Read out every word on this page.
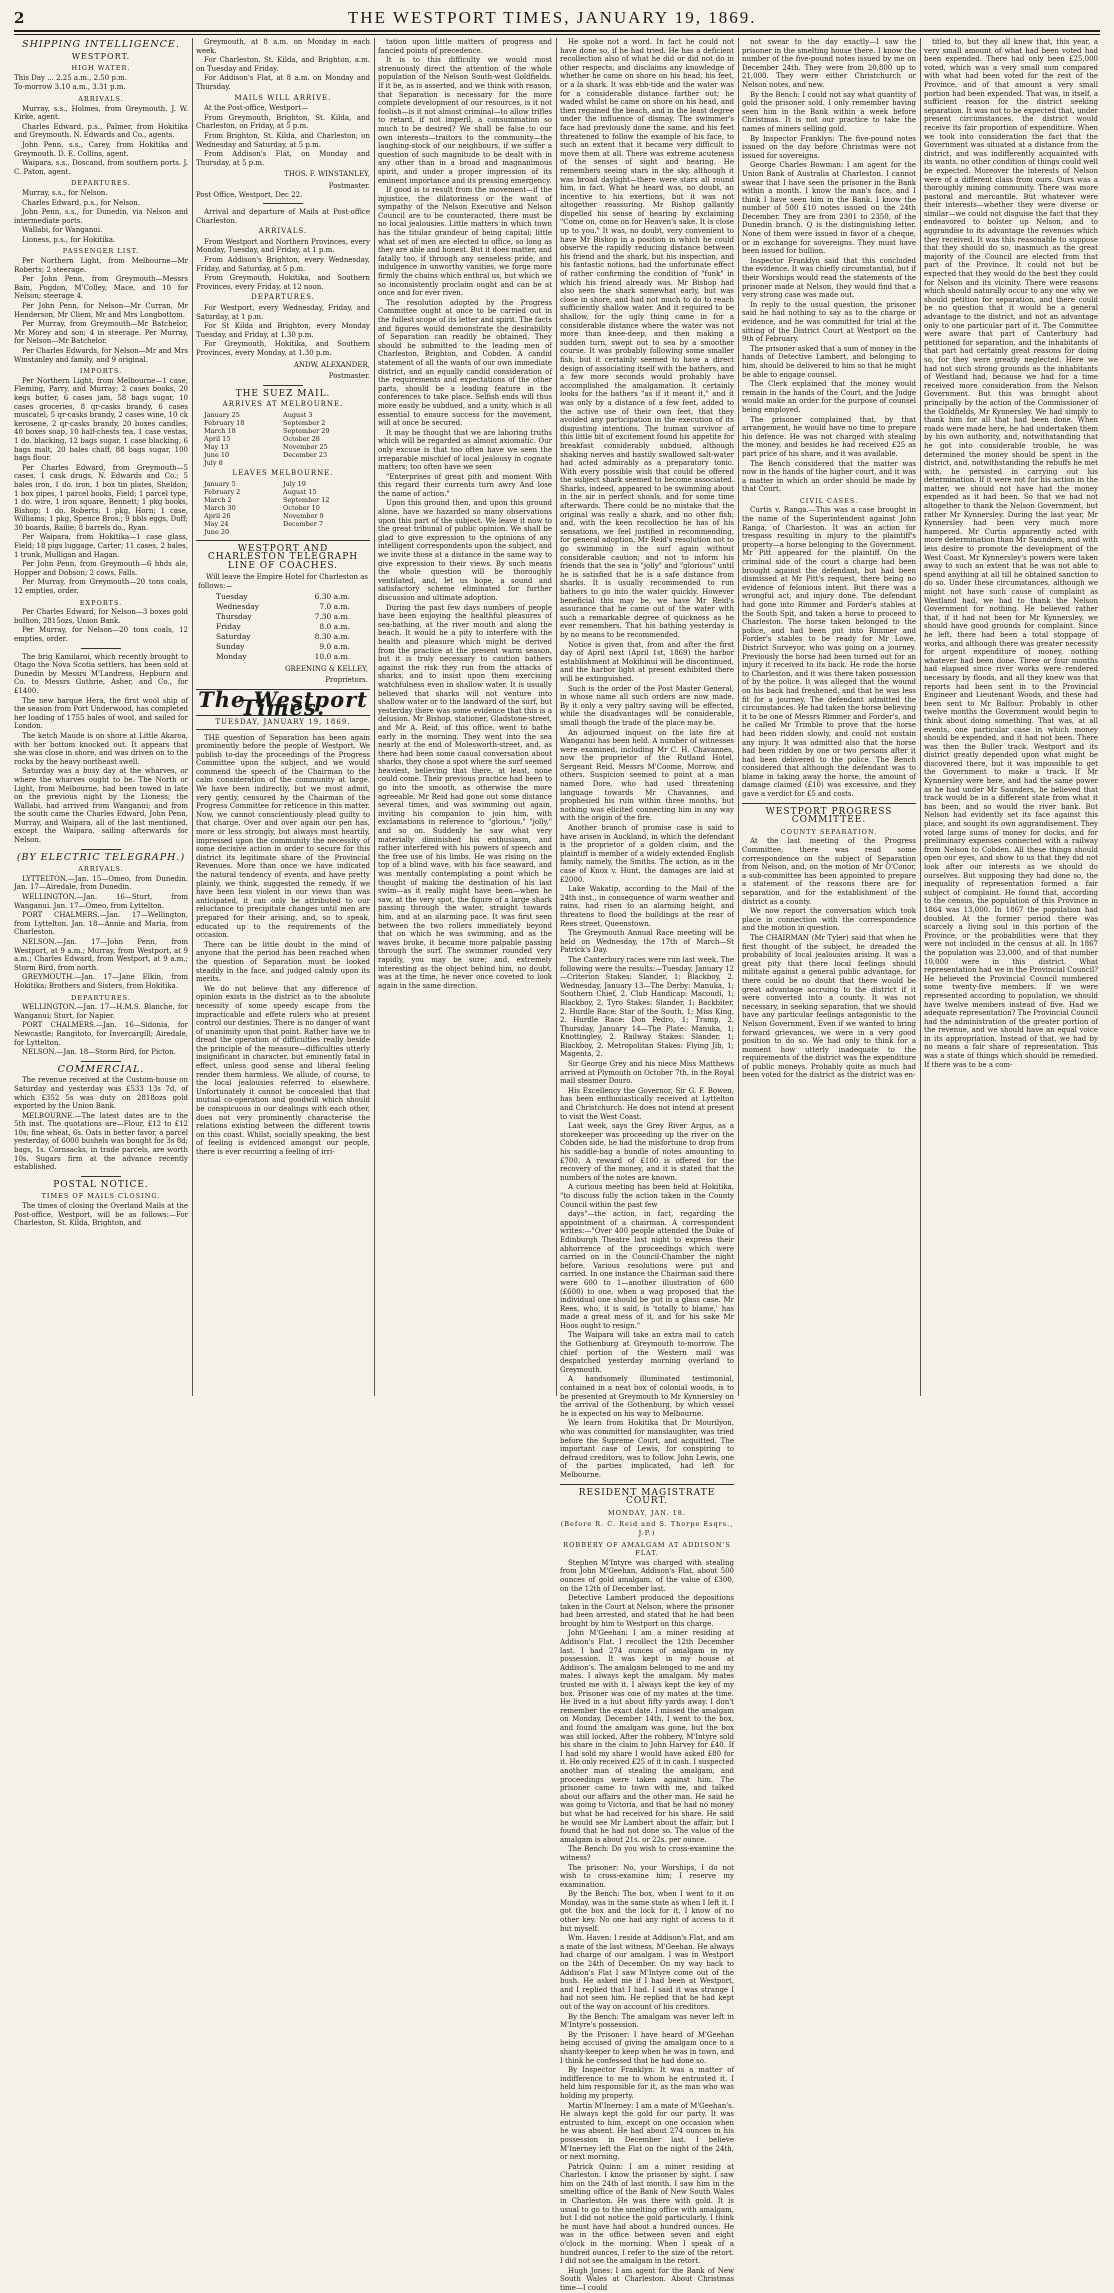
2	THE WESTPORT TIMES, JANUARY 19, 1869.
SHIPPING INTELLIGENCE.
WESTPORT.
HIGH WATER.

This Day ... 2.25 a.m., 2.50 p.m.

To-morrow 3.10 a.m., 3.31 p.m.

ARRIVALS.

Murray, s.s., Holmes, from Greymouth. J. W. Kirke, agent.

Charles Edward, p.s., Palmer, from Hokitika and Greymouth. N. Edwards and Co., agents.

John Penn, s.s., Carey, from Hokitika and Greymouth. D. E. Collins, agent.

Waipara, s.s., Doscand, from southern ports. J. C. Paton, agent.

DEPARTURES.

Murray, s.s., for Nelson.

Charles Edward, p.s., for Nelson.

John Penn, s.s., for Dunedin, via Nelson and intermediate ports.

Wallabi, for Wanganui.

Lioness, p.s., for Hokitika.

PASSENGER LIST.

Per Northern Light, from Melbourne—Mr Roberts; 2 steerage.

Per John Penn, from Greymouth—Messrs Bain, Pogdon, M'Colley, Mace, and 10 for Nelson; steerage 4.

Per John Penn, for Nelson—Mr Curran, Mr Henderson, Mr Cliem, Mr and Mrs Longbottom.

Per Murray, from Greymouth—Mr Batchelor, Mr Morey and son; 4 in steerage. Per Murray, for Nelson—Mr Batchelor.

Per Charles Edwards, for Nelson—Mr and Mrs Winstanley and family, and 9 original.

IMPORTS.

Per Northern Light, from Melbourne—1 case, Fleming, Parry, and Murray; 2 cases books, 20 kegs butter, 6 cases jam, 58 bags sugar, 10 cases groceries, 8 qr-casks brandy, 6 cases muscatel, 5 qr-casks brandy, 2 cases wine, 10 ck kerosene, 2 qr-casks brandy, 20 boxes candles, 40 boxes soap, 10 half-chests tea, 1 case vestas, 1 do. blacking, 12 bags sugar, 1 case blacking, 6 bags malt, 20 bales chaff, 88 bags sugar, 100 bags flour.

Per Charles Edward, from Greymouth—5 cases, 1 cask drugs, N. Edwards and Co.; 5 bales iron, 1 do. iron, 1 box tin plates, Sheldon; 1 box pipes, 1 parcel books, Field; 1 parcel type, 1 do. wire, 1 iron square, Bennett; 1 pkg books, Bishop; 1 do. Roberts; 1 pkg, Horn; 1 case, Williams; 1 pkg, Spence Bros.; 9 bbls eggs, Duff; 30 boards, Bailie; 8 barrels do., Ryan.

Per Waipara, from Hokitika—1 case glass, Field; 18 pigs luggage, Carter; 11 cases, 2 bales, 1 trunk, Mulligan and Hagan.

Per John Penn, from Greymouth—6 hhds ale, Hopper and Dobson; 2 cows, Falls.

Per Murray, from Greymouth—20 tons coals, 12 empties, order.

EXPORTS.

Per Charles Edward, for Nelson—3 boxes gold bullion, 2815ozs, Union Bank.

Per Murray, for Nelson—20 tons coals, 12 empties, order.

The brig Kamilaroi, which recently brought to Otago the Nova Scotia settlers, has been sold at Dunedin by Messrs M'Landress, Hepburn and Co. to Messrs Guthrie, Asher, and Co., for £1400.

The new barque Hera, the first wool ship of the season from Port Underwood, has completed her loading of 1755 bales of wool, and sailed for London.

The ketch Maude is on shore at Little Akaroa, with her bottom knocked out. It appears that she was close in shore, and was driven on to the rocks by the heavy northeast swell.

Saturday was a busy day at the wharves, or where the wharves ought to be. The North or Light, from Melbourne, had been towed in late on the previous night by the Lioness; the Wallabi, had arrived from Wanganui; and from the south came the Charles Edward, John Penn, Murray, and Waipara, all of the last mentioned, except the Waipara, sailing afterwards for Nelson.

(BY ELECTRIC TELEGRAPH.)
ARRIVALS.

LYTTELTON.—Jan. 15—Omeo, from Dunedin. Jan. 17—Airedale, from Dunedin.

WELLINGTON.—Jan. 16—Sturt, from Wanganui. Jan. 17—Omeo, from Lyttelton.

PORT CHALMERS.—Jan. 17—Wellington, from Lyttelton. Jan. 18—Annie and Maria, from Charleston.

NELSON.—Jan. 17—John Penn, from Westport, at 9 a.m.; Murray, from Westport, at 9 a.m.; Charles Edward, from Westport, at 9 a.m.; Storm Bird, from north.

GREYMOUTH.—Jan. 17—Jane Elkin, from Hokitika; Brothers and Sisters, from Hokitika.

DEPARTURES.

WELLINGTON.—Jan. 17—H.M.S. Blanche, for Wanganui; Sturt, for Napier.

PORT CHALMERS.—Jan. 16—Sidonia, for Newcastle; Rangitoto, for Invercargill; Airedale, for Lyttelton.

NELSON.—Jan. 18—Storm Bird, for Picton.

COMMERCIAL.

The revenue received at the Custom-house on Saturday and yesterday was £533 13s 7d, of which £352 5s was duty on 2818ozs gold exported by the Union Bank.

MELBOURNE.—The latest dates are to the 5th inst. The quotations are—Flour, £12 to £12 10s; fine wheat, 6s. Oats in better favor, a parcel yesterday, of 6000 bushels was bought for 3s 8d; bags, 1s. Cornsacks, in trade parcels, are worth 10s. Sugars firm at the advance recently established.

POSTAL NOTICE.
TIMES OF MAILS CLOSING.

The times of closing the Overland Mails at the Post-office, Westport, will be as follows:—For Charleston, St. Kilda, Brighton, and

Greymouth, at 8 a.m. on Monday in each week.

For Charleston, St. Kilda, and Brighton, a.m. on Tuesday and Friday.

For Addison's Flat, at 8 a.m. on Monday and Thursday.

MAILS WILL ARRIVE.

At the Post-office, Westport—

From Greymouth, Brighton, St. Kilda, and Charleston, on Friday, at 5 p.m.

From Brighton, St. Kilda, and Charleston, on Wednesday and Saturday, at 5 p.m.

From Addison's Flat, on Monday and Thursday, at 5 p.m.

THOS. F. WINSTANLEY,
Postmaster.

Post Office, Westport, Dec 22.

Arrival and departure of Mails at Post-office Charleston.

ARRIVALS.

From Westport and Northern Provinces, every Monday, Tuesday, and Friday, at 1 p.m.

From Addison's Brighton, every Wednesday, Friday, and Saturday, at 5 p.m.

From Greymouth, Hokitika, and Southern Provinces, every Friday, at 12 noon.

DEPARTURES.

For Westport, every Wednesday, Friday, and Saturday, at 1 p.m.

For St Kilda and Brighton, every Monday Tuesday, and Friday, at 1.30 p.m.

For Greymouth, Hokitika, and Southern Provinces, every Monday, at 1.30 p.m.

ANDW. ALEXANDER,
Postmaster.
THE SUEZ MAIL.
ARRIVES AT MELBOURNE.
January 25	August 3
February 18	September 2
March 18	September 29
April 15	October 28
May 13	November 25
June 10	December 23
July 8
LEAVES MELBOURNE.
January 5	July 19
February 2	August 15
March 2	September 12
March 30	October 10
April 26	November 9
May 24	December 7
June 20
WESTPORT AND CHARLESTON TELEGRAPH LINE OF COACHES.

Will leave the Empire Hotel for Charleston as follows:—

Tuesday	6.30 a.m.
Wednesday	7.0 a.m.
Thursday	7.30 a.m.
Friday	8.0 a.m.
Saturday	8.30 a.m.
Sunday	9.0 a.m.
Monday	10.0 a.m.
GREENING & KELLEY,
Proprietors.
The Westport Times.
TUESDAY, JANUARY 19, 1869.

THE question of Separation has been again prominently before the people of Westport. We publish to-day the proceedings of the Progress Committee upon the subject, and we would commend the speech of the Chairman to the calm consideration of the community at large. We have been indirectly, but we must admit, very gently, censured by the Chairman of the Progress Committee for reticence in this matter. Now, we cannot conscientiously plead guilty to that charge. Over and over again our pen has, more or less strongly, but always most heartily, impressed upon the community the necessity of some decisive action in order to secure for this district its legitimate share of the Provincial Revenues. More than once we have indicated the natural tendency of events, and have pretty plainly, we think, suggested the remedy. If we have been less violent in our views than was anticipated, it can only be attributed to our reluctance to precipitate changes until men are prepared for their arising, and, so to speak, educated up to the requirements of the occasion.

There can be little doubt in the mind of anyone that the period has been reached when the question of Separation must be looked steadily in the face, and judged calmly upon its merits.

We do not believe that any difference of opinion exists in the district as to the absolute necessity of some speedy escape from the impracticable and effete rulers who at present control our destinies. There is no danger of want of unanimity upon that point. Rather have we to dread the operation of difficulties really beside the principle of the measure—difficulties utterly insignificant in character, but eminently fatal in effect, unless good sense and liberal feeling render them harmless. We allude, of course, to the local jealousies referred to elsewhere. Unfortunately it cannot be concealed that that mutual co-operation and goodwill which should be conspicuous in our dealings with each other, does not very prominently characterise the relations existing between the different towns on this coast. Whilst, socially speaking, the best of feeling is evidenced amongst our people, there is ever recurring a feeling of irri-

tation upon little matters of progress and fancied points of precedence.

It is to this difficulty we would most strenuously direct the attention of the whole population of the Nelson South-west Goldfields. If it be, as is asserted, and we think with reason, that Separation is necessary for the more complete development of our resources, is it not foolish—is it not almost criminal—to allow trifles to retard, if not imperil, a consummation so much to be desired? We shall be false to our own interests—traitors to the community—the laughing-stock of our neighbours, if we suffer a question of such magnitude to be dealt with in any other than in a broad and magnanimous spirit, and under a proper impression of its eminent importance and its pressing emergency.

If good is to result from the movement—if the injustice, the dilatoriness or the want of sympathy of the Nelson Executive and Nelson Council are to be counteracted, there must be no local jealousies. Little matters in which town has the titular grandeur of being capital; little what set of men are elected to office, so long as they are able and honest. But it does matter, and fatally too, if through any senseless pride, and indulgence in unworthy vanities, we forge more firmly the chains which enthral us, but which we so inconsistently proclaim ought and can be at once and for ever riven.

The resolution adopted by the Progress Committee ought at once to be carried out in the fullest scope of its letter and spirit. The facts and figures would demonstrate the desirability of Separation can readily be obtained. They should be submitted to the leading men of Charleston, Brighton, and Cobden. A candid statement of all the wants of our own immediate district, and an equally candid consideration of the requirements and expectations of the other parts, should be a leading feature in the conferences to take place. Selfish ends will thus more easily be subdued, and a unity, which is all essential to ensure success for the movement, will at once be secured.

It may be thought that we are laboring truths which will be regarded as almost axiomatic. Our only excuse is that too often have we seen the irreparable mischief of local jealousy in cognate matters; too often have we seen

"Enterprises of great pith and moment With this regard their currents turn awry And lose the name of action."

Upon this ground then, and upon this ground alone, have we hazarded so many observations upon this part of the subject. We leave it now to the great tribunal of public opinion. We shall be glad to give expression to the opinions of any intelligent correspondents upon the subject, and we invite those at a distance in the same way to give expression to their views. By such means the whole question will be thoroughly ventilated, and, let us hope, a sound and satisfactory scheme eliminated for further discussion and ultimate adoption.

During the past few days numbers of people have been enjoying the healthful pleasures of sea-bathing, at the river mouth and along the beach. It would be a pity to interfere with the health and pleasure which might be derived from the practice at the present warm season, but it is truly necessary to caution bathers against the risk they run from the attacks of sharks, and to insist upon them exercising watchfulness even in shallow water. It is usually believed that sharks will not venture into shallow water or to the landward of the surf, but yesterday there was some evidence that this is a delusion. Mr Bishop, stationer, Gladstone-street, and Mr A. Reid, of this office, went to bathe early in the morning. They went into the sea nearly at the end of Molesworth-street, and, as there had been some casual conversation about sharks, they chose a spot where the surf seemed heaviest, believing that there, at least, none could come. Their previous practice had been to go into the smooth, as otherwise the more agreeable. Mr Reid had gone out some distance several times, and was swimming out again, inviting his companion to join him, with exclamations in reference to "glorious," "jolly," and so on. Suddenly he saw what very materially diminished his enthusiasm, and rather interfered with his powers of speech and the free use of his limbs. He was rising on the top of a blind wave, with his face seaward, and was mentally contemplating a point which he thought of making the destination of his last swim—as it really might have been—when he saw, at the very spot, the figure of a large shark passing through the water, straight towards him, and at an alarming pace. It was first seen between the two rollers immediately beyond that on which he was swimming, and as the waves broke, it became more palpable passing through the surf. The swimmer rounded very rapidly, you may be sure; and, extremely interesting as the object behind him, no doubt, was at the time, he never once coveted to look again in the same direction.

He spoke not a word. In fact he could not have done so, if he had tried. He has a deficient recollection also of what he did or did not do in other respects, and disclaims any knowledge of whether he came on shore on his head, his feet, or a la shark. It was ebb-tide and the water was for a considerable distance farther out; he waded whilst he came on shore on his head, and then regained the beach, and in the least degree under the influence of dismay. The swimmer's face had previously done the same, and his feet threatened to follow the example of his face, to such an extent that it became very difficult to move them at all. There was extreme acuteness of the senses of sight and hearing. He remembers seeing stars in the sky, although it was broad daylight—there were stars all round him, in fact. What he heard was, no doubt, an incentive to his exertions, but it was not altogether reassuring. Mr Bishop gallantly dispelled his sense of hearing by exclaiming "Come on, come on for Heaven's sake. It is close up to you." It was, no doubt, very convenient to have Mr Bishop in a position in which he could observe the rapidly reducing distance between his friend and the shark, but his inspection, and his fantastic notions, had the unfortunate effect of rather confirming the condition of "funk" in which his friend already was. Mr Bishop had also seen the shark somewhat early, but was close in shore, and had not much to do to reach sufficiently shallow water. And it required to be shallow, for the ugly thing came in for a considerable distance where the water was not more than knee-deep, and then making a sudden turn, swept out to sea by a smoother course. It was probably following some smaller fish, but it certainly seemed to have a direct design of associating itself with the bathers, and a few more seconds would probably have accomplished the amalgamation. It certainly looks for the bathers "as if it meant it," and it was only by a distance of a few feet, added to the active use of their own feet, that they avoided any participation in the execution of its disgusting intentions. The human survivor of this little bit of excitement found his appetite for breakfast considerably subdued, although shaking nerves and hastily swallowed salt-water had acted admirably as a preparatory tonic. With every possible wish that could be offered the subject shark seemed to become associated. Sharks, indeed, appeared to be swimming about in the air in perfect shoals, and for some time afterwards. There could be no mistake that the original was really a shark, and no other fish; and, with the keen recollection he has of his sensations, we feel justified in recommending, for general adoption, Mr Reid's resolution not to go swimming in the surf again without considerable caution; and not to inform his friends that the sea is "jolly" and "glorious" until he is satisfied that he is a safe distance from sharks. It is usually recommended to run bathers to go into the water quickly. However beneficial this may be, we have Mr Reid's assurance that he came out of the water with such a remarkable degree of quickness as he ever remembers. That his bathing yesterday is by no means to be recommended.

Notice is given that, from and after the first day of April next (April 1st, 1869) the harbor establishment at Mokihinui will be discontinued, and the harbor light at present exhibited there will be extinguished.

Such is the order of the Post Master General, in whose name all such orders are now made. By it only a very paltry saving will be effected, while the disadvantages will be considerable, small though the trade of the place may be.

An adjourned inquest on the late fire at Wanganui has been held. A number of witnesses were examined, including Mr C. H. Chavannes, now the proprietor of the Rutland Hotel, Sergeant Reid, Messrs M'Coome, Morrow, and others. Suspicion seemed to point at a man named Dore, who had used threatening language towards Mr Chavannes, and prophesied his ruin within three months, but nothing was elicited connecting him in any way with the origin of the fire.

Another branch of promise case is said to have arisen in Auckland, in which the defendant is the proprietor of a golden claim, and the plaintiff is member of a widely extended English family, namely, the Smiths. The action, as in the case of Knox v. Hunt, the damages are laid at £2000.

Lake Wakatip, according to the Mail of the 24th inst., in consequence of warm weather and rains, had risen to an alarming height, and threatens to flood the buildings at the rear of Rees street, Queenstown.

The Greymouth Annual Race meeting will be held on Wednesday, the 17th of March—St Patrick's Day.

The Canterbury races were run last week. The following were the results:—Tuesday, January 12—Criterion Stakes: Slander, 1; Blackboy, 2. Wednesday, January 13—The Derby: Manuka, 1; Southern Chief, 2. Club Handicap: Macoudi, 1; Blackboy, 2. Tyro Stakes: Slander, 1; Backbiter, 2. Hurdle Race: Star of the South, 1; Miss King, 2. Hurdle Race: Don Pedro, 1; Tramp, 2. Thursday, January 14—The Plate: Manuka, 1; Knottingley, 2. Railway Stakes: Slander, 1; Blackboy, 2. Metropolitan Stakes: Flying Jib, 1; Magenta, 2.

Sir George Grey and his niece Miss Matthews arrived at Plymouth on October 7th, in the Royal mail steamer Douro.

His Excellency the Governor, Sir G. F. Bowen, has been enthusiastically received at Lyttelton and Christchurch. He does not intend at present to visit the West Coast.

Last week, says the Grey River Argus, as a storekeeper was proceeding up the river on the Cobden side, he had the misfortune to drop from his saddle-bag a bundle of notes amounting to £700. A reward of £100 is offered for the recovery of the money, and it is stated that the numbers of the notes are known.

A curious meeting has been held at Hokitika, "to discuss fully the action taken in the County Council within the past few

days"—the action, in fact, regarding the appointment of a chairman. A correspondent writes:—"Over 400 people attended the Duke of Edinburgh Theatre last night to express their abhorrence of the proceedings which were carried on in the Council-Chamber the night before. Various resolutions were put and carried. In one instance the Chairman said there were 600 to 1—another illustration of 600 (£600) to one, when a wag proposed that the individual one should be put in a glass case. Mr Rees, who, it is said, is 'totally to blame,' has made a great mess of it, and for his sake Mr Hoos ought to resign."

The Waipara will take an extra mail to catch the Gothenburg at Greymouth to-morrow. The chief portion of the Western mail was despatched yesterday morning overland to Greymouth.

A handsomely illuminated testimonial, contained in a neat box of colonial woods, is to be presented at Greymouth to Mr Kynnersley on the arrival of the Gothenburg, by which vessel he is expected on his way to Melbourne.

We learn from Hokitika that Dr Mourilyon, who was committed for manslaughter, was tried before the Supreme Court, and acquitted. The important case of Lewis, for conspiring to defraud creditors, was to follow. John Lewis, one of the parties implicated, had left for Melbourne.

RESIDENT MAGISTRATE COURT.
MONDAY, JAN. 18.
(Before R. C. Reid and S. Thorpe Esqrs., J.P.)
ROBBERY OF AMALGAM AT ADDISON'S FLAT.

Stephen M'Intyre was charged with stealing from John M'Geehan, Addison's Flat, about 500 ounces of gold amalgam, of the value of £300, on the 12th of December last.

Detective Lambert produced the depositions taken in the Court at Nelson, where the prisoner had been arrested, and stated that he had been brought by him to Westport on this charge.

John M'Geehan: I am a miner residing at Addison's Flat. I recollect the 12th December last. I had 274 ounces of amalgam in my possession. It was kept in my house at Addison's. The amalgam belonged to me and my mates. I always kept the amalgam. My mates trusted me with it. I always kept the key of my box. Prisoner was one of my mates at the time. He lived in a hut about fifty yards away. I don't remember the exact date. I missed the amalgam on Monday, December 14th. I went to the box, and found the amalgam was gone, but the box was still locked. After the robbery, M'Intyre sold his share in the claim to John Harvey for £40. If I had sold my share I would have asked £80 for it. He only received £25 of it in cash. I suspected another man of stealing the amalgam, and proceedings were taken against him. The prisoner came to town with me, and talked about our affairs and the other man. He said he was going to Victoria, and that he had no money but what he had received for his share. He said he would see Mr Lambert about the affair, but I found that he had not done so. The value of the amalgam is about 21s. or 22s. per ounce.

The Bench: Do you wish to cross-examine the witness?

The prisoner: No, your Worships, I do not wish to cross-examine him; I reserve my examination.

By the Bench: The box, when I went to it on Monday, was in the same state as when I left it. I got the box and the lock for it. I know of no other key. No one had any right of access to it but myself.

Wm. Haven: I reside at Addison's Flat, and am a mate of the last witness, M'Geehan. He always had charge of our amalgam. I was in Westport on the 24th of December. On my way back to Addison's Flat I saw M'Intyre come out of the bush. He asked me if I had been at Westport, and I replied that I had. I said it was strange I had not seen him. He replied that he had kept out of the way on account of his creditors.

By the Bench: The amalgam was never left in M'Intyre's possession.

By the Prisoner: I have heard of M'Geehan being accused of giving the amalgam once to a shanty-keeper to keep when he was in town, and I think he confessed that he had done so.

By Inspector Franklyn: It was a matter of indifference to me to whom he entrusted it. I held him responsible for it, as the man who was holding my property.

Martin M'Inerney: I am a mate of M'Geehan's. He always kept the gold for our party. It was entrusted to him, except on one occasion when he was absent. He had about 274 ounces in his possession in December last. I believe M'Inerney left the Flat on the night of the 24th, or next morning.

Patrick Quinn: I am a miner residing at Charleston. I know the prisoner by sight. I saw him on the 24th of last month. I saw him in the smelting office of the Bank of New South Wales in Charleston. He was there with gold. It is usual to go to the smelting office with amalgam, but I did not notice the gold particularly. I think he must have had about a hundred ounces. He was in the office between seven and eight o'clock in the morning. When I speak of a hundred ounces, I refer to the size of the retort. I did not see the amalgam in the retort.

Hugh Jones: I am agent for the Bank of New South Wales at Charleston. About Christmas time—I could

not swear to the day exactly—I saw the prisoner in the smelting house there. I know the number of the five-pound notes issued by me on December 24th. They were from 20,800 up to 21,000. They were either Christchurch or Nelson notes, and new.

By the Bench: I could not say what quantity of gold the prisoner sold. I only remember having seen him in the Bank within a week before Christmas. It is not our practice to take the names of miners selling gold.

By Inspector Franklyn: The five-pound notes issued on the day before Christmas were not issued for sovereigns.

George Charles Bowman: I am agent for the Union Bank of Australia at Charleston. I cannot swear that I have seen the prisoner in the Bank within a month. I know the man's face, and I think I have seen him in the Bank. I know the number of 500 £10 notes issued on the 24th December. They are from 2301 to 2350, of the Dunedin branch. Q is the distinguishing letter. None of them were issued in favor of a cheque, or in exchange for sovereigns. They must have been issued for bullion.

Inspector Franklyn said that this concluded the evidence. It was chiefly circumstantial, but if their Worships would read the statements of the prisoner made at Nelson, they would find that a very strong case was made out.

In reply to the usual question, the prisoner said he had nothing to say as to the charge or evidence, and he was committed for trial at the sitting of the District Court at Westport on the 9th of February.

The prisoner asked that a sum of money in the hands of Detective Lambert, and belonging to him, should be delivered to him so that he might be able to engage counsel.

The Clerk explained that the money would remain in the hands of the Court, and the Judge would make an order for the purpose of counsel being employed.

The prisoner complained that, by that arrangement, he would have no time to prepare his defence. He was not charged with stealing the money, and besides he had received £25 as part price of his share, and it was available.

The Bench considered that the matter was now in the hands of the higher court, and it was a matter in which an order should be made by that Court.

CIVIL CASES.

Curtis v. Ranga.—This was a case brought in the name of the Superintendent against John Ranga, of Charleston. It was an action for trespass resulting in injury to the plaintiff's property—a horse belonging to the Government. Mr Pitt appeared for the plaintiff. On the criminal side of the court a charge had been brought against the defendant, but had been dismissed at Mr Pitt's request, there being no evidence of felonious intent. But there was a wrongful act, and injury done. The defendant had gone into Rimmer and Forder's stables at the South Spit, and taken a horse to proceed to Charleston. The horse taken belonged to the police, and had been put into Rimmer and Forder's stables to be ready for Mr Lowe, District Surveyor, who was going on a journey. Previously the horse had been turned out for an injury it received to its back. He rode the horse to Charleston, and it was there taken possession of by the police. It was alleged that the wound on his back had freshened, and that he was less fit for a journey. The defendant admitted the circumstances. He had taken the horse believing it to be one of Messrs Rimmer and Forder's, and he called Mr Trimble to prove that the horse had been ridden slowly, and could not sustain any injury. It was admitted also that the horse had been ridden by one or two persons after it had been delivered to the police. The Bench considered that although the defendant was to blame in taking away the horse, the amount of damage claimed (£10) was excessive, and they gave a verdict for £5 and costs.

WESTPORT PROGRESS COMMITTEE.
COUNTY SEPARATION.

At the last meeting of the Progress Committee, there was read some correspondence on the subject of Separation from Nelson, and, on the motion of Mr O'Conor, a sub-committee has been appointed to prepare a statement of the reasons there are for separation, and for the establishment of the district as a county.

We now report the conversation which took place in connection with the correspondence and the motion in question.

The CHAIRMAN (Mr Tyler) said that when he first thought of the subject, he dreaded the probability of local jealousies arising. It was a great pity that there local feelings should militate against a general public advantage, for there could be no doubt that there would be great advantage accruing to the district if it were converted into a county. It was not necessary, in seeking separation, that we should have any particular feelings antagonistic to the Nelson Government. Even if we wanted to bring forward grievances, we were in a very good position to do so. We had only to think for a moment how utterly inadequate to the requirements of the district was the expenditure of public moneys. Probably quite as much had been voted for the district as the district was en-

titled to, but they all knew that, this year, a very small amount of what had been voted had been expended. There had only been £25,000 voted, which was a very small sum compared with what had been voted for the rest of the Province, and of that amount a very small portion had been expended. That was, in itself, a sufficient reason for the district seeking separation. It was not to be expected that, under present circumstances, the district would receive its fair proportion of expenditure. When we took into consideration the fact that the Government was situated at a distance from the district, and was indifferently acquainted with its wants, no other condition of things could well be expected. Moreover the interests of Nelson were of a different class from ours. Ours was a thoroughly mining community. There was more pastoral and mercantile. But whatever were their interests—whether they were diverse or similar—we could not disguise the fact that they endeavored to bolster up Nelson, and to aggrandise to its advantage the revenues which they received. It was this reasonable to suppose that they should do so, inasmuch as the great majority of the Council are elected from that part of the Province. It could not but be expected that they would do the best they could for Nelson and its vicinity. There were reasons which should naturally occur to any one why we should petition for separation, and there could be no question that it would be a general advantage to the district, and not an advantage only to one particular part of it. The Committee were aware that part of Canterbury had petitioned for separation, and the inhabitants of that part had certainly great reasons for doing so, for they were greatly neglected. Here we had not such strong grounds as the inhabitants of Westland had, because we had for a time received more consideration from the Nelson Government. But this was brought about principally by the action of the Commissioner of the Goldfields, Mr Kynnersley. We had simply to thank him for all that had been done. When roads were made here, he had undertaken them by his own authority, and, notwithstanding that he got into considerable trouble, he was determined the money should be spent in the district, and, notwithstanding the rebuffs he met with, he persisted in carrying out his determination. If it were not for his action in the matter, we should not have had the money expended as it had been. So that we had not altogether to thank the Nelson Government, but rather Mr Kynnersley. During the last year, Mr Kynnersley had been very much more hampered. Mr Curtis apparently acted with more determination than Mr Saunders, and with less desire to promote the development of the West Coast. Mr Kynnersley's powers were taken away to such an extent that he was not able to spend anything at all till he obtained sanction to do so. Under these circumstances, although we might not have such cause of complaint as Westland had, we had to thank the Nelson Government for nothing. He believed rather that, if it had not been for Mr Kynnersley, we should have good grounds for complaint. Since he left, there had been a total stoppage of works, and although there was greater necessity for urgent expenditure of money, nothing whatever had been done. Three or four months had elapsed since river works were rendered necessary by floods, and all they knew was that reports had been sent in to the Provincial Engineer and Lieutenant Woods, and these had been sent to Mr Balfour. Probably in other twelve months the Government would begin to think about doing something. That was, at all events, one particular case in which money should be expended, and it had not been. There was then the Buller track. Westport and its district greatly depended upon what might be discovered there, but it was impossible to get the Government to make a track. If Mr Kynnersley were here, and had the same power as he had under Mr Saunders, he believed that track would be in a different state from what it has been, and so would the river bank. But Nelson had evidently set its face against this place, and sought its own aggrandisement. They voted large sums of money for docks, and for preliminary expenses connected with a railway from Nelson to Cobden. All these things should open our eyes, and show to us that they did not look after our interests as we should do ourselves. But supposing they had done so, the inequality of representation formed a fair subject of complaint. He found that, according to the census, the population of this Province in 1864 was 13,000. In 1867 the population had doubled. At the former period there was scarcely a living soul in this portion of the Province, or the probabilities were that they were not included in the census at all. In 1867 the population was 23,000, and of that number 10,000 were in this district. What representation had we in the Provincial Council? He believed the Provincial Council numbered some twenty-five members. If we were represented according to population, we should have twelve members instead of five. Had we adequate representation? The Provincial Council had the administration of the greater portion of the revenue, and we should have an equal voice in its appropriation. Instead of that, we had by no means a fair share of representation. This was a state of things which should be remedied. If there was to be a com-
